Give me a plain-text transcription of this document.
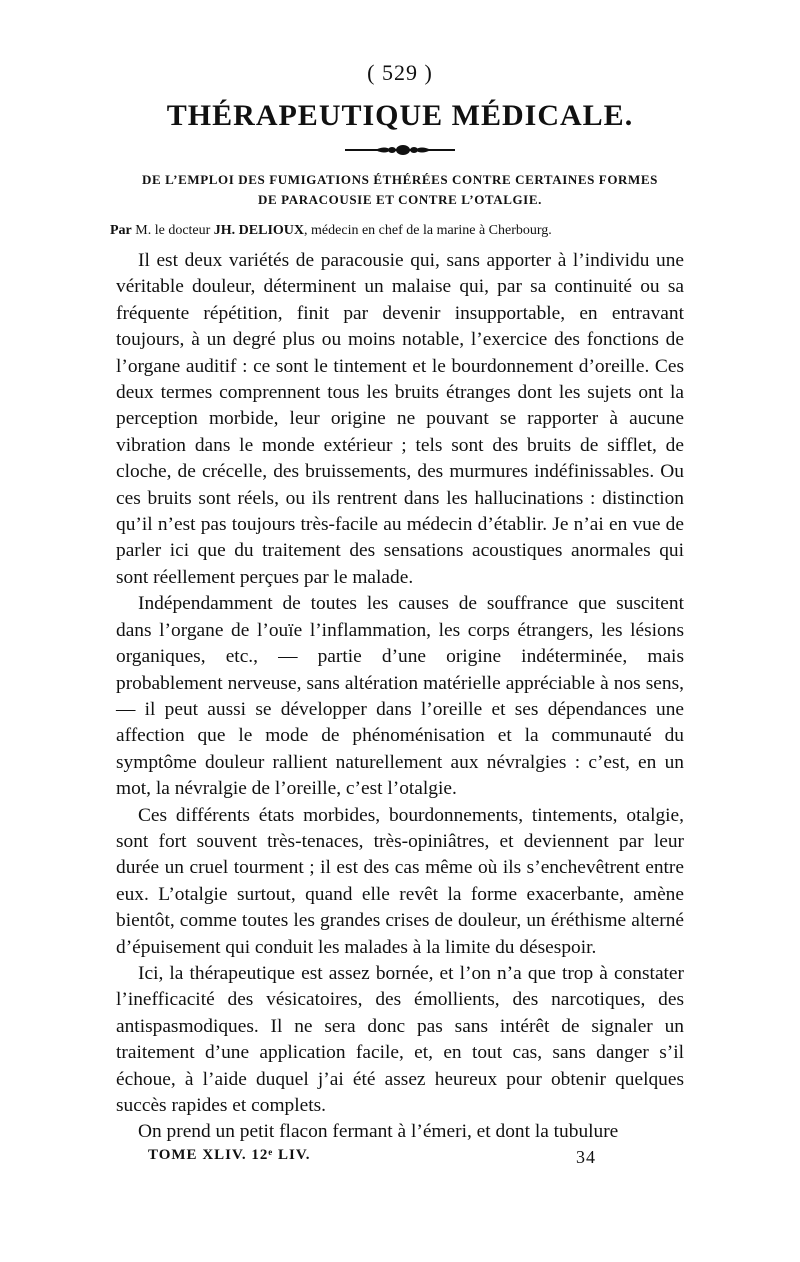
( 529 )
THÉRAPEUTIQUE MÉDICALE.
DE L’EMPLOI DES FUMIGATIONS ÉTHÉRÉES CONTRE CERTAINES FORMES
DE PARACOUSIE ET CONTRE L’OTALGIE.
Par M. le docteur JH. DELIOUX, médecin en chef de la marine à Cherbourg.

Il est deux variétés de paracousie qui, sans apporter à l’individu une véritable douleur, déterminent un malaise qui, par sa continuité ou sa fréquente répétition, finit par devenir insupportable, en entravant toujours, à un degré plus ou moins notable, l’exercice des fonctions de l’organe auditif : ce sont le tintement et le bourdonnement d’oreille. Ces deux termes comprennent tous les bruits étranges dont les sujets ont la perception morbide, leur origine ne pouvant se rapporter à aucune vibration dans le monde extérieur ; tels sont des bruits de sifflet, de cloche, de crécelle, des bruissements, des murmures indéfinissables. Ou ces bruits sont réels, ou ils rentrent dans les hallucinations : distinction qu’il n’est pas toujours très-facile au médecin d’établir. Je n’ai en vue de parler ici que du traitement des sensations acoustiques anormales qui sont réellement perçues par le malade.

Indépendamment de toutes les causes de souffrance que suscitent dans l’organe de l’ouïe l’inflammation, les corps étrangers, les lésions organiques, etc., — partie d’une origine indéterminée, mais probablement nerveuse, sans altération matérielle appréciable à nos sens, — il peut aussi se développer dans l’oreille et ses dépendances une affection que le mode de phénoménisation et la communauté du symptôme douleur rallient naturellement aux névralgies : c’est, en un mot, la névralgie de l’oreille, c’est l’otalgie.

Ces différents états morbides, bourdonnements, tintements, otalgie, sont fort souvent très-tenaces, très-opiniâtres, et deviennent par leur durée un cruel tourment ; il est des cas même où ils s’enchevêtrent entre eux. L’otalgie surtout, quand elle revêt la forme exacerbante, amène bientôt, comme toutes les grandes crises de douleur, un éréthisme alterné d’épuisement qui conduit les malades à la limite du désespoir.

Ici, la thérapeutique est assez bornée, et l’on n’a que trop à constater l’inefficacité des vésicatoires, des émollients, des narcotiques, des antispasmodiques. Il ne sera donc pas sans intérêt de signaler un traitement d’une application facile, et, en tout cas, sans danger s’il échoue, à l’aide duquel j’ai été assez heureux pour obtenir quelques succès rapides et complets.

On prend un petit flacon fermant à l’émeri, et dont la tubulure

TOME XLIV. 12ᵉ LIV.	34
